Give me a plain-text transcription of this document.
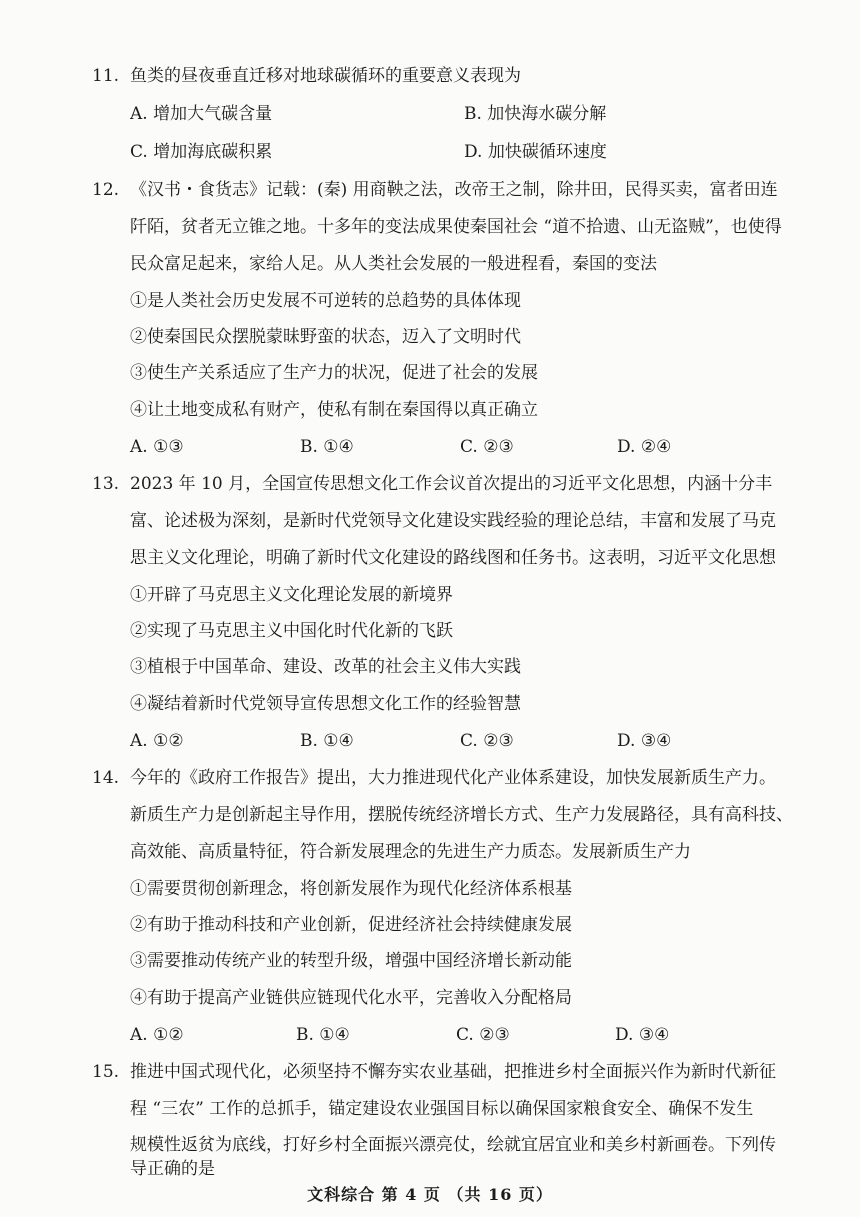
11. 鱼类的昼夜垂直迁移对地球碳循环的重要意义表现为
A. 增加大气碳含量	B. 加快海水碳分解
C. 增加海底碳积累	D. 加快碳循环速度
12. 《汉书・食货志》记载：(秦) 用商鞅之法，改帝王之制，除井田，民得买卖，富者田连
阡陌，贫者无立锥之地。十多年的变法成果使秦国社会 “道不拾遗、山无盗贼”，也使得
民众富足起来，家给人足。从人类社会发展的一般进程看，秦国的变法
①是人类社会历史发展不可逆转的总趋势的具体体现
②使秦国民众摆脱蒙昧野蛮的状态，迈入了文明时代
③使生产关系适应了生产力的状况，促进了社会的发展
④让土地变成私有财产，使私有制在秦国得以真正确立
A. ①③	B. ①④	C. ②③	D. ②④
13. 2023 年 10 月，全国宣传思想文化工作会议首次提出的习近平文化思想，内涵十分丰
富、论述极为深刻，是新时代党领导文化建设实践经验的理论总结，丰富和发展了马克
思主义文化理论，明确了新时代文化建设的路线图和任务书。这表明，习近平文化思想
①开辟了马克思主义文化理论发展的新境界
②实现了马克思主义中国化时代化新的飞跃
③植根于中国革命、建设、改革的社会主义伟大实践
④凝结着新时代党领导宣传思想文化工作的经验智慧
A. ①②	B. ①④	C. ②③	D. ③④
14. 今年的《政府工作报告》提出，大力推进现代化产业体系建设，加快发展新质生产力。
新质生产力是创新起主导作用，摆脱传统经济增长方式、生产力发展路径，具有高科技、
高效能、高质量特征，符合新发展理念的先进生产力质态。发展新质生产力
①需要贯彻创新理念，将创新发展作为现代化经济体系根基
②有助于推动科技和产业创新，促进经济社会持续健康发展
③需要推动传统产业的转型升级，增强中国经济增长新动能
④有助于提高产业链供应链现代化水平，完善收入分配格局
A. ①②	B. ①④	C. ②③	D. ③④
15. 推进中国式现代化，必须坚持不懈夯实农业基础，把推进乡村全面振兴作为新时代新征
程 “三农” 工作的总抓手，锚定建设农业强国目标以确保国家粮食安全、确保不发生
规模性返贫为底线，打好乡村全面振兴漂亮仗，绘就宜居宜业和美乡村新画卷。下列传
导正确的是
文科综合 第 4 页 （共 16 页）
